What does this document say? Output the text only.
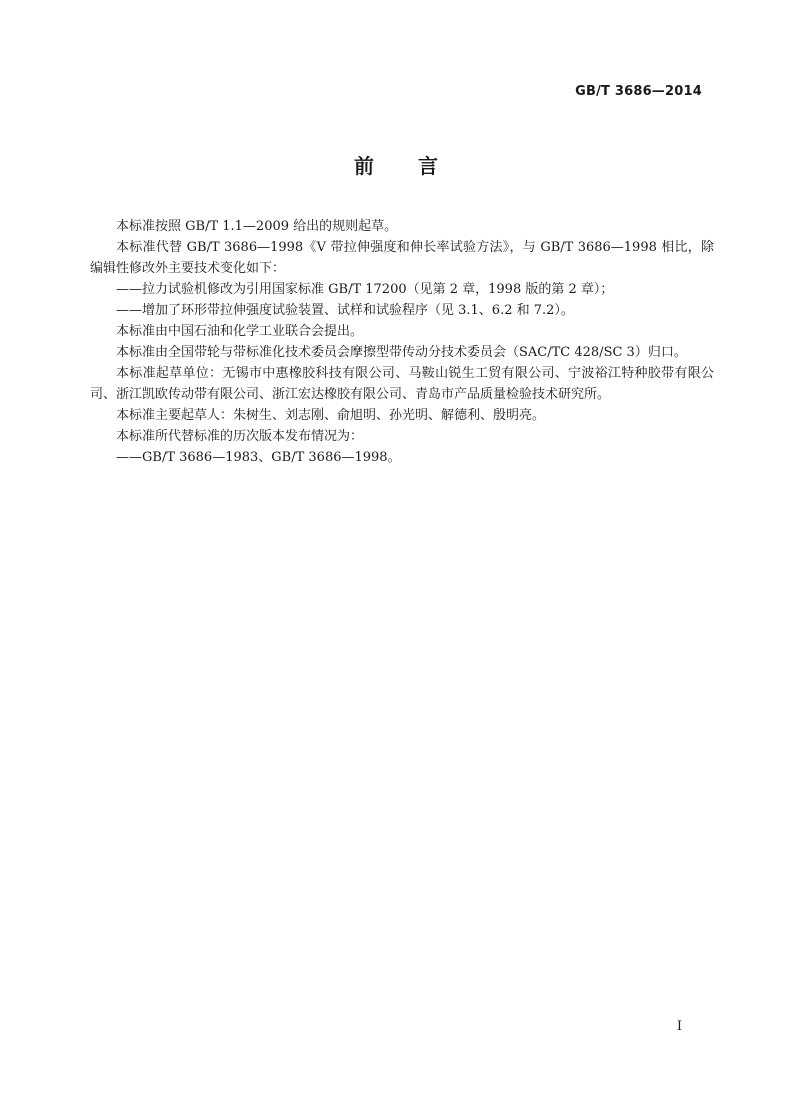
GB/T 3686—2014
前言

本标准按照 GB/T 1.1—2009 给出的规则起草。

本标准代替 GB/T 3686—1998《V 带拉伸强度和伸长率试验方法》，与 GB/T 3686—1998 相比，除编辑性修改外主要技术变化如下：

——拉力试验机修改为引用国家标准 GB/T 17200（见第 2 章，1998 版的第 2 章）；

——增加了环形带拉伸强度试验装置、试样和试验程序（见 3.1、6.2 和 7.2）。

本标准由中国石油和化学工业联合会提出。

本标准由全国带轮与带标准化技术委员会摩擦型带传动分技术委员会（SAC/TC 428/SC 3）归口。

本标准起草单位：无锡市中惠橡胶科技有限公司、马鞍山锐生工贸有限公司、宁波裕江特种胶带有限公司、浙江凯欧传动带有限公司、浙江宏达橡胶有限公司、青岛市产品质量检验技术研究所。

本标准主要起草人：朱树生、刘志刚、俞旭明、孙光明、解德利、殷明亮。

本标准所代替标准的历次版本发布情况为：

——GB/T 3686—1983、GB/T 3686—1998。

I
